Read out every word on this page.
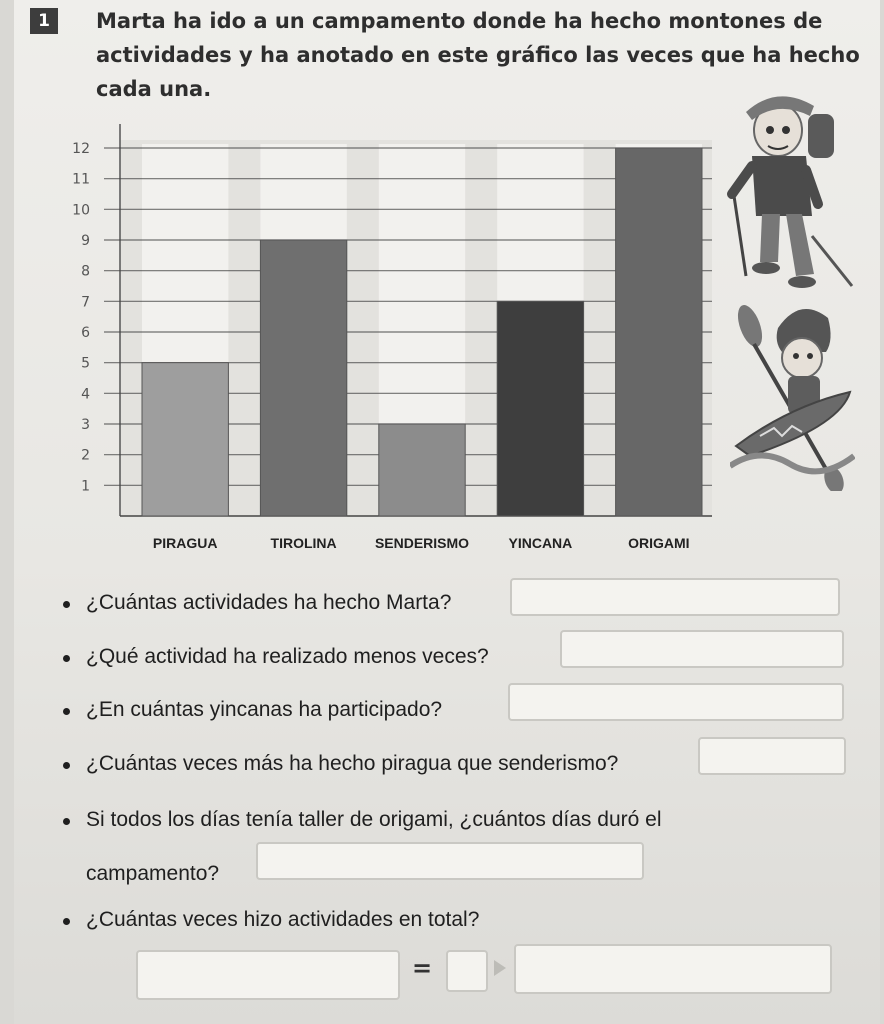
1	Marta ha ido a un campamento donde ha hecho montones de
actividades y ha anotado en este gráfico las veces que ha hecho
cada una.
1
2
3
4
5
6
7
8
9
10
11
12
PIRAGUA	TIROLINA	SENDERISMO	YINCANA	ORIGAMI
¿Cuántas actividades ha hecho Marta?
¿Qué actividad ha realizado menos veces?
¿En cuántas yincanas ha participado?
¿Cuántas veces más ha hecho piragua que senderismo?
Si todos los días tenía taller de origami, ¿cuántos días duró el
campamento?
¿Cuántas veces hizo actividades en total?
=
